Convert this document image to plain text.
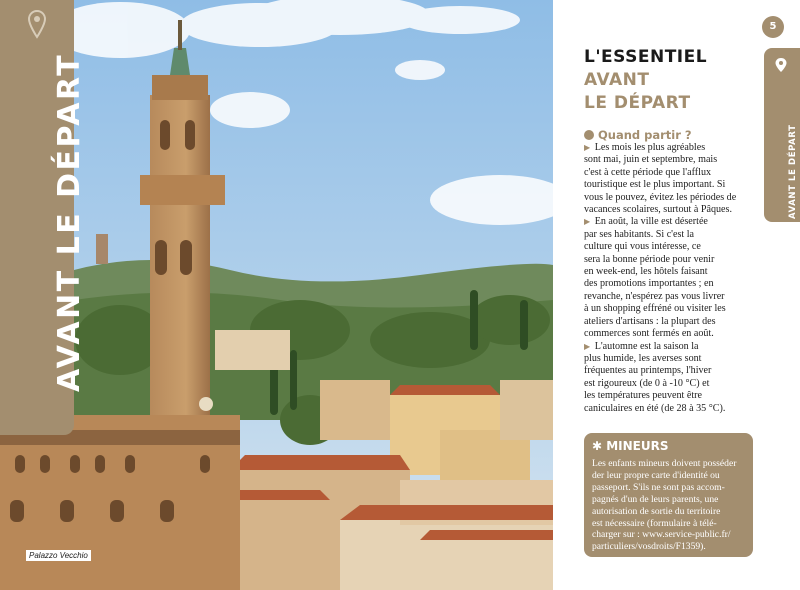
Palazzo Vecchio
AVANT LE DÉPART
5
AVANT LE DÉPART
L'ESSENTIEL
AVANT
LE DÉPART
Quand partir ?
▶ Les mois les plus agréables
sont mai, juin et septembre, mais
c'est à cette période que l'afflux
touristique est le plus important. Si
vous le pouvez, évitez les périodes de
vacances scolaires, surtout à Pâques.
▶ En août, la ville est désertée
par ses habitants. Si c'est la
culture qui vous intéresse, ce
sera la bonne période pour venir
en week-end, les hôtels faisant
des promotions importantes ; en
revanche, n'espérez pas vous livrer
à un shopping effréné ou visiter les
ateliers d'artisans : la plupart des
commerces sont fermés en août.
▶ L'automne est la saison la
plus humide, les averses sont
fréquentes au printemps, l'hiver
est rigoureux (de 0 à -10 °C) et
les températures peuvent être
caniculaires en été (de 28 à 35 °C).
✱ MINEURS
Les enfants mineurs doivent posséder
der leur propre carte d'identité ou
passeport. S'ils ne sont pas accom-
pagnés d'un de leurs parents, une
autorisation de sortie du territoire
est nécessaire (formulaire à télé-
charger sur : www.service-public.fr/
particuliers/vosdroits/F1359).
